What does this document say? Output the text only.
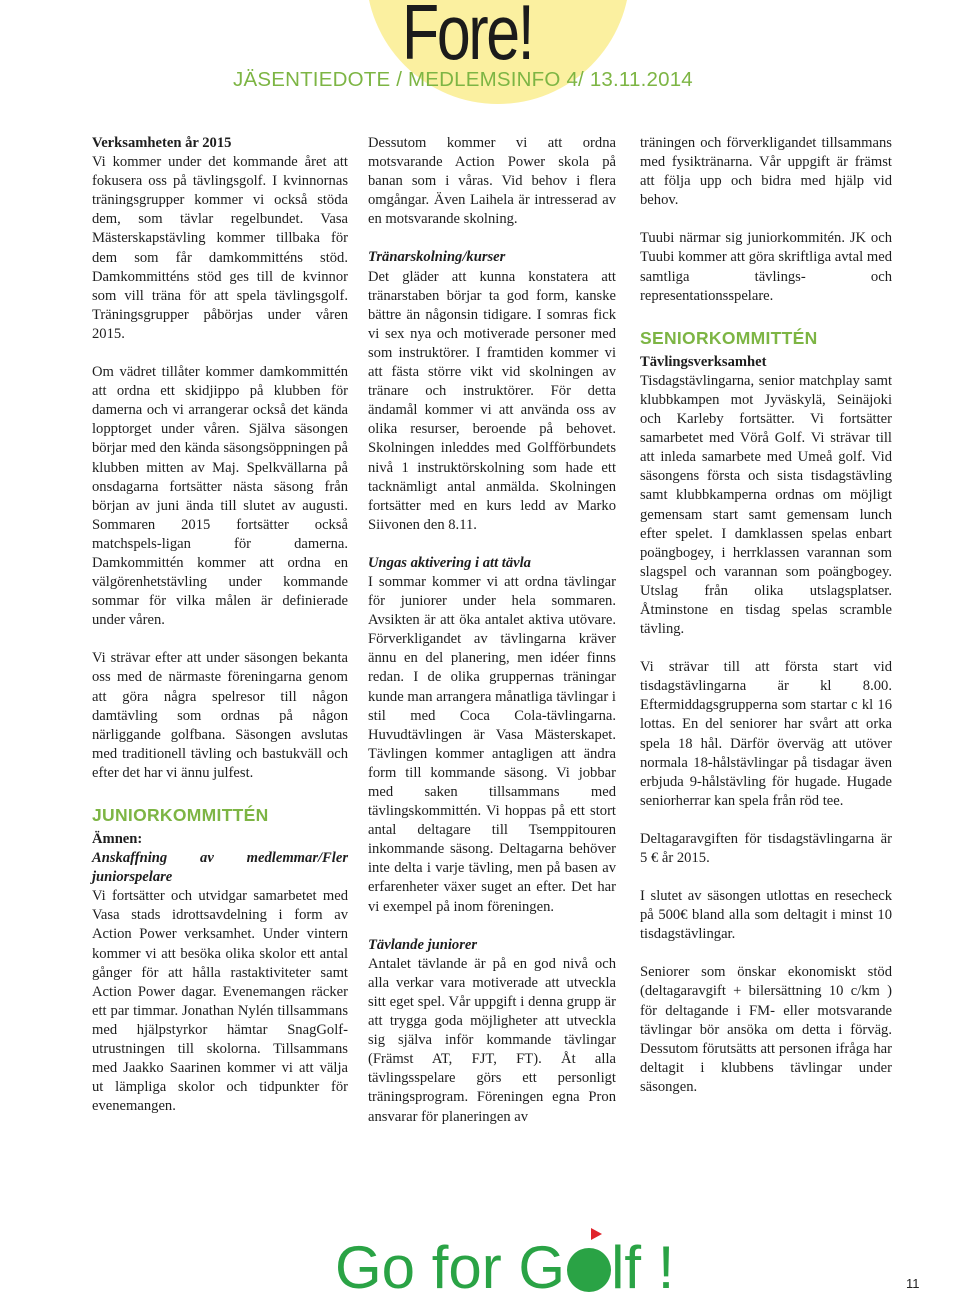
Fore!
JÄSENTIEDOTE / MEDLEMSINFO 4/ 13.11.2014

Verksamheten år 2015

Vi kommer under det kommande året att fokusera oss på tävlingsgolf. I kvinnornas träningsgrupper kommer vi också stöda dem, som tävlar regelbundet. Vasa Mästerskapstävling kommer tillbaka för dem som får damkommitténs stöd. Damkommitténs stöd ges till de kvinnor som vill träna för att spela tävlingsgolf. Träningsgrupper påbörjas under våren 2015.

Om vädret tillåter kommer damkommittén att ordna ett skidjippo på klubben för damerna och vi arrangerar också det kända lopptorget under våren. Själva säsongen börjar med den kända säsongsöppningen på klubben mitten av Maj. Spelkvällarna på onsdagarna fortsätter nästa säsong från början av juni ända till slutet av augusti. Sommaren 2015 fortsätter också matchspels-ligan för damerna. Damkommittén kommer att ordna en välgörenhetstävling under kommande sommar för vilka målen är definierade under våren.

Vi strävar efter att under säsongen bekanta oss med de närmaste föreningarna genom att göra några spelresor till någon damtävling som ordnas på någon närliggande golfbana. Säsongen avslutas med traditionell tävling och bastukväll och efter det har vi ännu julfest.

JUNIORKOMMITTÉN

Ämnen:

Anskaffning av medlemmar/Fler juniorspelare

Vi fortsätter och utvidgar samarbetet med Vasa stads idrottsavdelning i form av Action Power verksamhet. Under vintern kommer vi att besöka olika skolor ett antal gånger för att hålla rastaktiviteter samt Action Power dagar. Evenemangen räcker ett par timmar. Jonathan Nylén tillsammans med hjälpstyrkor hämtar SnagGolf-utrustningen till skolorna. Tillsammans med Jaakko Saarinen kommer vi att välja ut lämpliga skolor och tidpunkter för evenemangen.

Dessutom kommer vi att ordna motsvarande Action Power skola på banan som i våras. Vid behov i flera omgångar. Även Laihela är intresserad av en motsvarande skolning.

Tränarskolning/kurser

Det gläder att kunna konstatera att tränarstaben börjar ta god form, kanske bättre än någonsin tidigare. I somras fick vi sex nya och motiverade personer med som instruktörer. I framtiden kommer vi att fästa större vikt vid skolningen av tränare och instruktörer. För detta ändamål kommer vi att använda oss av olika resurser, beroende på behovet. Skolningen inleddes med Golfförbundets nivå 1 instruktörskolning som hade ett tacknämligt antal anmälda. Skolningen fortsätter med en kurs ledd av Marko Siivonen den 8.11.

Ungas aktivering i att tävla

I sommar kommer vi att ordna tävlingar för juniorer under hela sommaren. Avsikten är att öka antalet aktiva utövare. Förverkligandet av tävlingarna kräver ännu en del planering, men idéer finns redan. I de olika gruppernas träningar kunde man arrangera månatliga tävlingar i stil med Coca Cola-tävlingarna. Huvudtävlingen är Vasa Mästerskapet. Tävlingen kommer antagligen att ändra form till kommande säsong. Vi jobbar med saken tillsammans med tävlingskommittén. Vi hoppas på ett stort antal deltagare till Tsemppitouren inkommande säsong. Deltagarna behöver inte delta i varje tävling, men på basen av erfarenheter växer suget an efter. Det har vi exempel på inom föreningen.

Tävlande juniorer

Antalet tävlande är på en god nivå och alla verkar vara motiverade att utveckla sitt eget spel. Vår uppgift i denna grupp är att trygga goda möjligheter att utveckla sig själva inför kommande tävlingar (Främst AT, FJT, FT). Åt alla tävlingsspelare görs ett personligt träningsprogram. Föreningen egna Pron ansvarar för planeringen av

träningen och förverkligandet tillsammans med fysiktränarna. Vår uppgift är främst att följa upp och bidra med hjälp vid behov.

Tuubi närmar sig juniorkommitén. JK och Tuubi kommer att göra skriftliga avtal med samtliga tävlings- och representationsspelare.

SENIORKOMMITTÉN

Tävlingsverksamhet

Tisdagstävlingarna, senior matchplay samt klubbkampen mot Jyväskylä, Seinäjoki och Karleby fortsätter. Vi fortsätter samarbetet med Vörå Golf. Vi strävar till att inleda samarbete med Umeå golf. Vid säsongens första och sista tisdagstävling samt klubbkamperna ordnas om möjligt gemensam start samt gemensam lunch efter spelet. I damklassen spelas enbart poängbogey, i herrklassen varannan som slagspel och varannan som poängbogey. Utslag från olika utslagsplatser. Åtminstone en tisdag spelas scramble tävling.

Vi strävar till att första start vid tisdagstävlingarna är kl 8.00. Eftermiddagsgrupperna som startar c kl 16 lottas. En del seniorer har svårt att orka spela 18 hål. Därför överväg att utöver normala 18-hålstävlingar på tisdagar även erbjuda 9-hålstävling för hugade. Hugade seniorherrar kan spela från röd tee.

Deltagaravgiften för tisdagstävlingarna är 5 € år 2015.

I slutet av säsongen utlottas en resecheck på 500€ bland alla som deltagit i minst 10 tisdagstävlingar.

Seniorer som önskar ekonomiskt stöd (deltagaravgift + bilersättning 10 c/km ) för deltagande i FM- eller motsvarande tävlingar bör ansöka om detta i förväg. Dessutom förutsätts att personen ifråga har deltagit i klubbens tävlingar under säsongen.

Go for G lf !	11
